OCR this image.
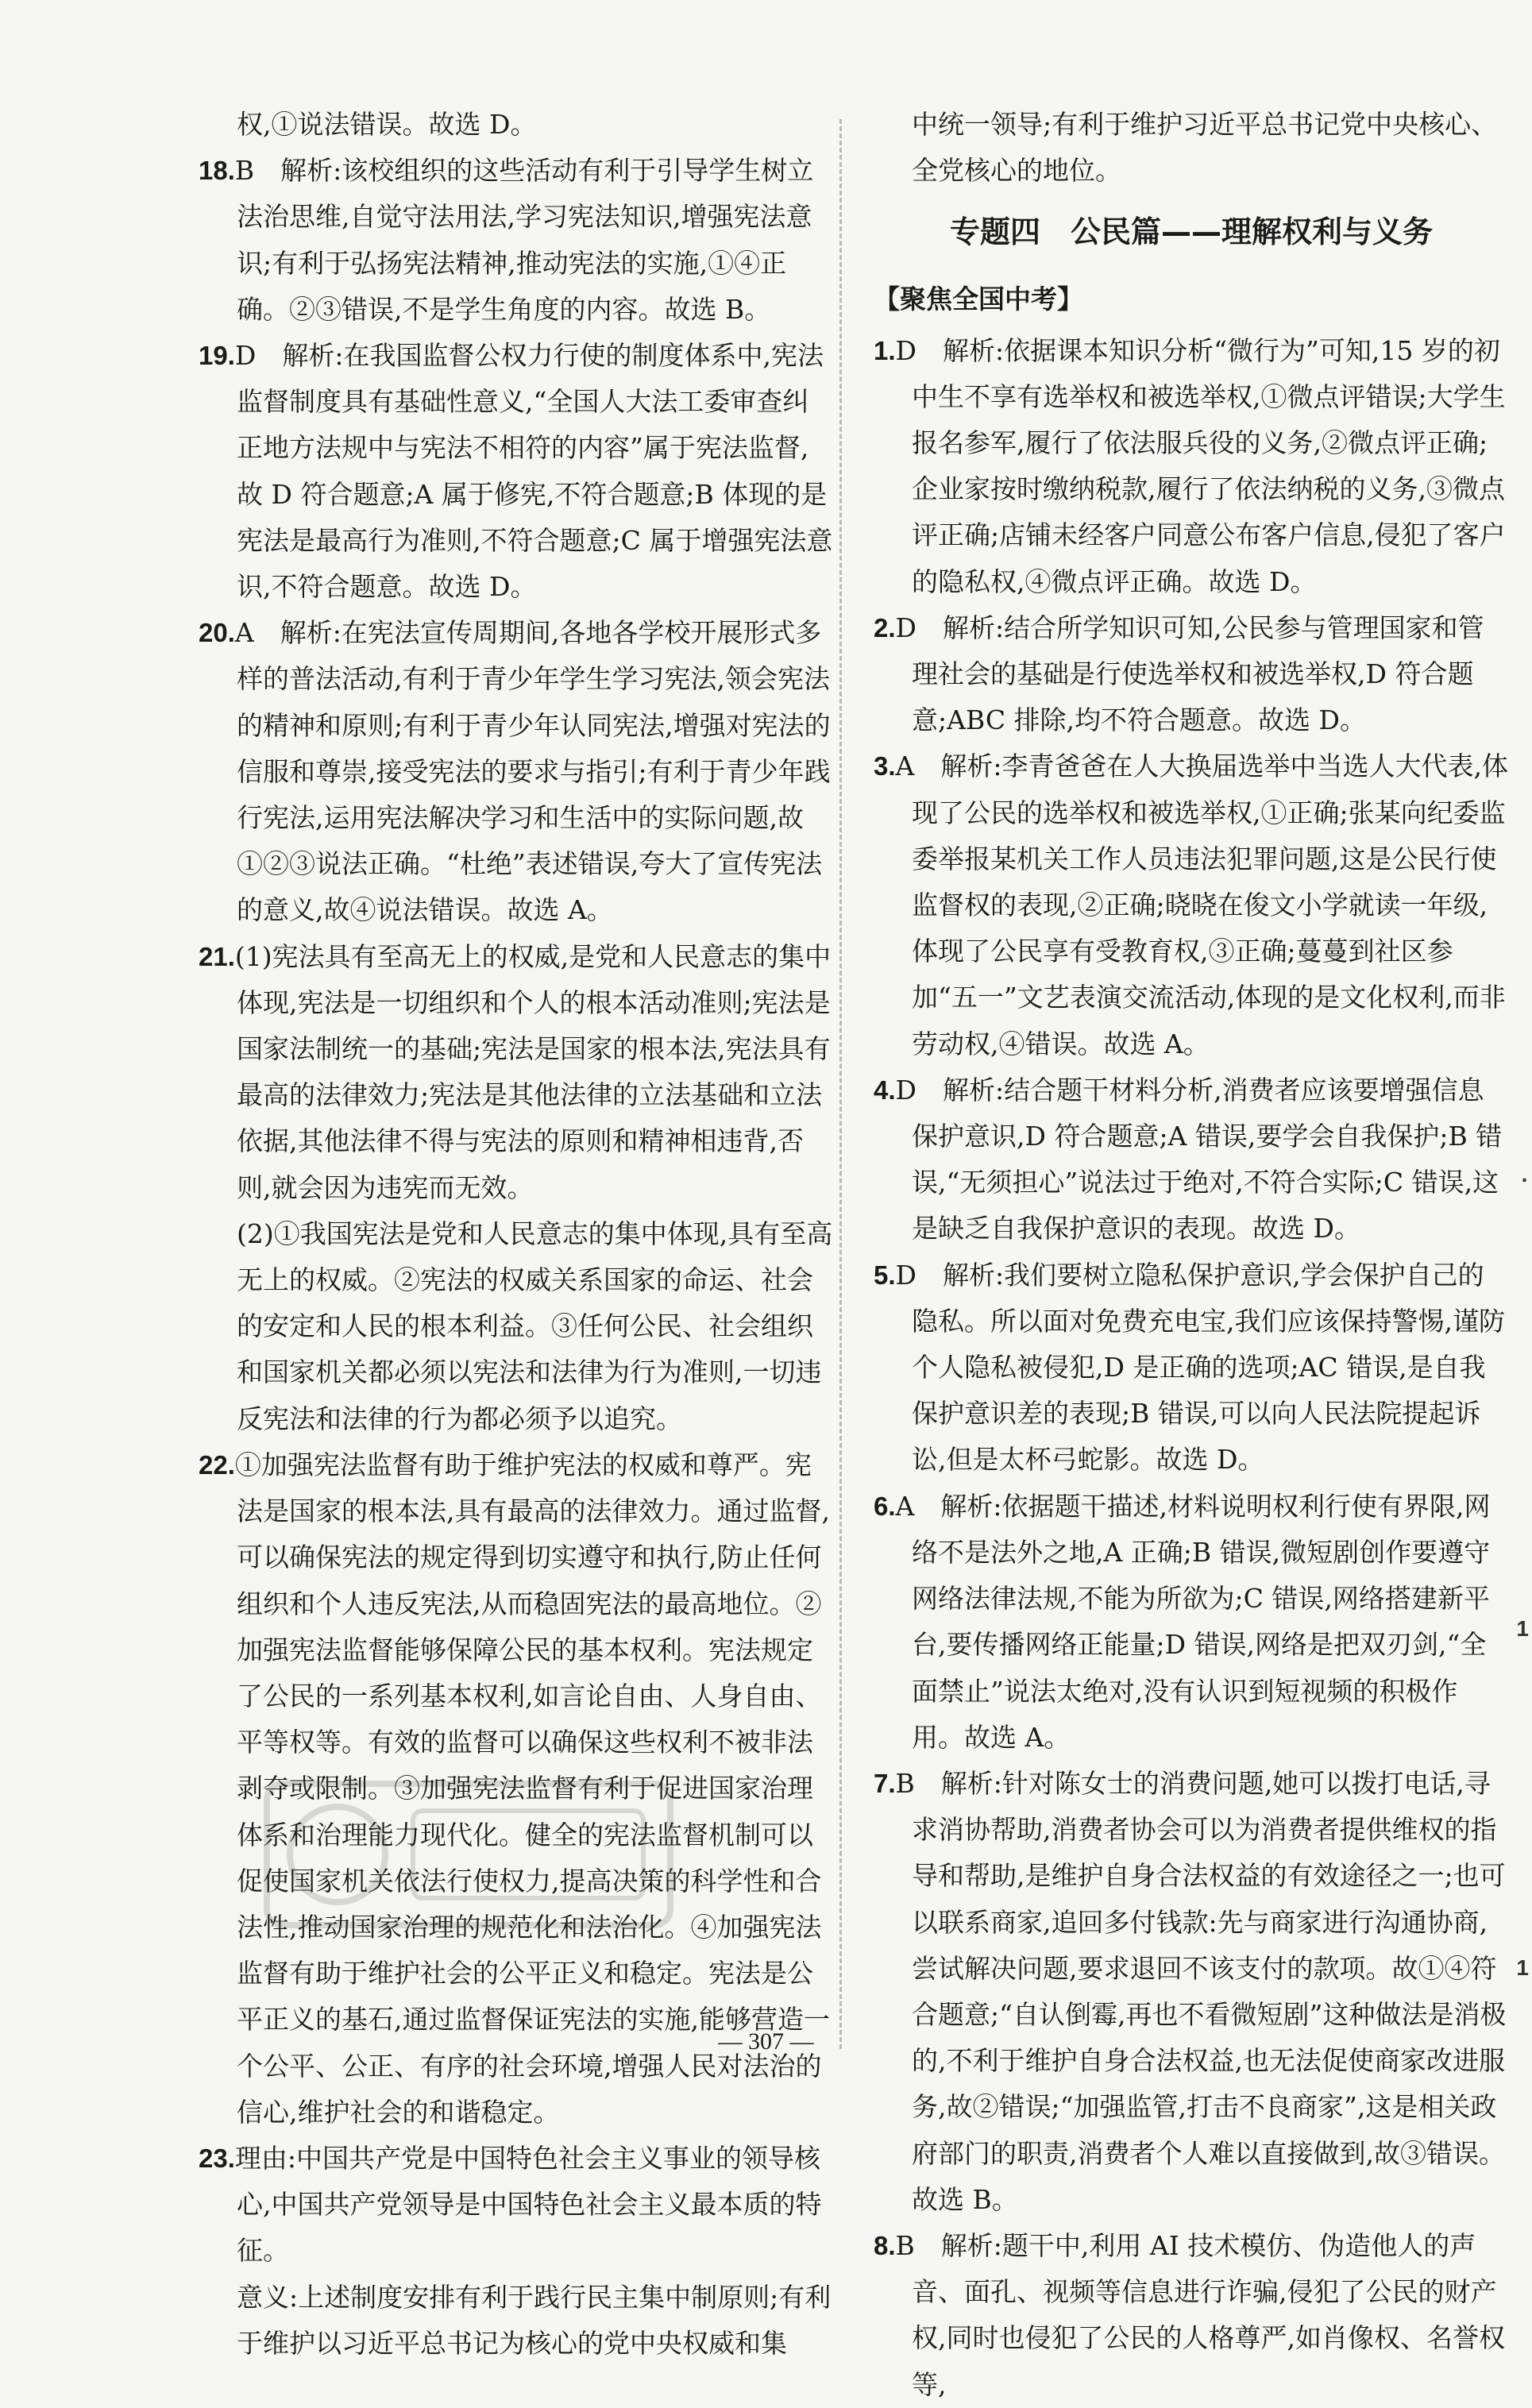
权,①说法错误。故选 D。
18.B　解析:该校组织的这些活动有利于引导学生树立法治思维,自觉守法用法,学习宪法知识,增强宪法意识;有利于弘扬宪法精神,推动宪法的实施,①④正确。②③错误,不是学生角度的内容。故选 B。
19.D　解析:在我国监督公权力行使的制度体系中,宪法监督制度具有基础性意义,“全国人大法工委审查纠正地方法规中与宪法不相符的内容”属于宪法监督,故 D 符合题意;A 属于修宪,不符合题意;B 体现的是宪法是最高行为准则,不符合题意;C 属于增强宪法意识,不符合题意。故选 D。
20.A　解析:在宪法宣传周期间,各地各学校开展形式多样的普法活动,有利于青少年学生学习宪法,领会宪法的精神和原则;有利于青少年认同宪法,增强对宪法的信服和尊崇,接受宪法的要求与指引;有利于青少年践行宪法,运用宪法解决学习和生活中的实际问题,故①②③说法正确。“杜绝”表述错误,夸大了宣传宪法的意义,故④说法错误。故选 A。
21.(1)宪法具有至高无上的权威,是党和人民意志的集中体现,宪法是一切组织和个人的根本活动准则;宪法是国家法制统一的基础;宪法是国家的根本法,宪法具有最高的法律效力;宪法是其他法律的立法基础和立法依据,其他法律不得与宪法的原则和精神相违背,否则,就会因为违宪而无效。
(2)①我国宪法是党和人民意志的集中体现,具有至高无上的权威。②宪法的权威关系国家的命运、社会的安定和人民的根本利益。③任何公民、社会组织和国家机关都必须以宪法和法律为行为准则,一切违反宪法和法律的行为都必须予以追究。
22.①加强宪法监督有助于维护宪法的权威和尊严。宪法是国家的根本法,具有最高的法律效力。通过监督,可以确保宪法的规定得到切实遵守和执行,防止任何组织和个人违反宪法,从而稳固宪法的最高地位。②加强宪法监督能够保障公民的基本权利。宪法规定了公民的一系列基本权利,如言论自由、人身自由、平等权等。有效的监督可以确保这些权利不被非法剥夺或限制。③加强宪法监督有利于促进国家治理体系和治理能力现代化。健全的宪法监督机制可以促使国家机关依法行使权力,提高决策的科学性和合法性,推动国家治理的规范化和法治化。④加强宪法监督有助于维护社会的公平正义和稳定。宪法是公平正义的基石,通过监督保证宪法的实施,能够营造一个公平、公正、有序的社会环境,增强人民对法治的信心,维护社会的和谐稳定。
23.理由:中国共产党是中国特色社会主义事业的领导核心,中国共产党领导是中国特色社会主义最本质的特征。
意义:上述制度安排有利于践行民主集中制原则;有利于维护以习近平总书记为核心的党中央权威和集
中统一领导;有利于维护习近平总书记党中央核心、全党核心的地位。
专题四　公民篇——理解权利与义务
【聚焦全国中考】
1.D　解析:依据课本知识分析“微行为”可知,15 岁的初中生不享有选举权和被选举权,①微点评错误;大学生报名参军,履行了依法服兵役的义务,②微点评正确;企业家按时缴纳税款,履行了依法纳税的义务,③微点评正确;店铺未经客户同意公布客户信息,侵犯了客户的隐私权,④微点评正确。故选 D。
2.D　解析:结合所学知识可知,公民参与管理国家和管理社会的基础是行使选举权和被选举权,D 符合题意;ABC 排除,均不符合题意。故选 D。
3.A　解析:李青爸爸在人大换届选举中当选人大代表,体现了公民的选举权和被选举权,①正确;张某向纪委监委举报某机关工作人员违法犯罪问题,这是公民行使监督权的表现,②正确;晓晓在俊文小学就读一年级,体现了公民享有受教育权,③正确;蔓蔓到社区参加“五一”文艺表演交流活动,体现的是文化权利,而非劳动权,④错误。故选 A。
4.D　解析:结合题干材料分析,消费者应该要增强信息保护意识,D 符合题意;A 错误,要学会自我保护;B 错误,“无须担心”说法过于绝对,不符合实际;C 错误,这是缺乏自我保护意识的表现。故选 D。
5.D　解析:我们要树立隐私保护意识,学会保护自己的隐私。所以面对免费充电宝,我们应该保持警惕,谨防个人隐私被侵犯,D 是正确的选项;AC 错误,是自我保护意识差的表现;B 错误,可以向人民法院提起诉讼,但是太杯弓蛇影。故选 D。
6.A　解析:依据题干描述,材料说明权利行使有界限,网络不是法外之地,A 正确;B 错误,微短剧创作要遵守网络法律法规,不能为所欲为;C 错误,网络搭建新平台,要传播网络正能量;D 错误,网络是把双刃剑,“全面禁止”说法太绝对,没有认识到短视频的积极作用。故选 A。
7.B　解析:针对陈女士的消费问题,她可以拨打电话,寻求消协帮助,消费者协会可以为消费者提供维权的指导和帮助,是维护自身合法权益的有效途径之一;也可以联系商家,追回多付钱款:先与商家进行沟通协商,尝试解决问题,要求退回不该支付的款项。故①④符合题意;“自认倒霉,再也不看微短剧”这种做法是消极的,不利于维护自身合法权益,也无法促使商家改进服务,故②错误;“加强监管,打击不良商家”,这是相关政府部门的职责,消费者个人难以直接做到,故③错误。故选 B。
8.B　解析:题干中,利用 AI 技术模仿、伪造他人的声音、面孔、视频等信息进行诈骗,侵犯了公民的财产权,同时也侵犯了公民的人格尊严,如肖像权、名誉权等,
— 307 —
·
1
1
